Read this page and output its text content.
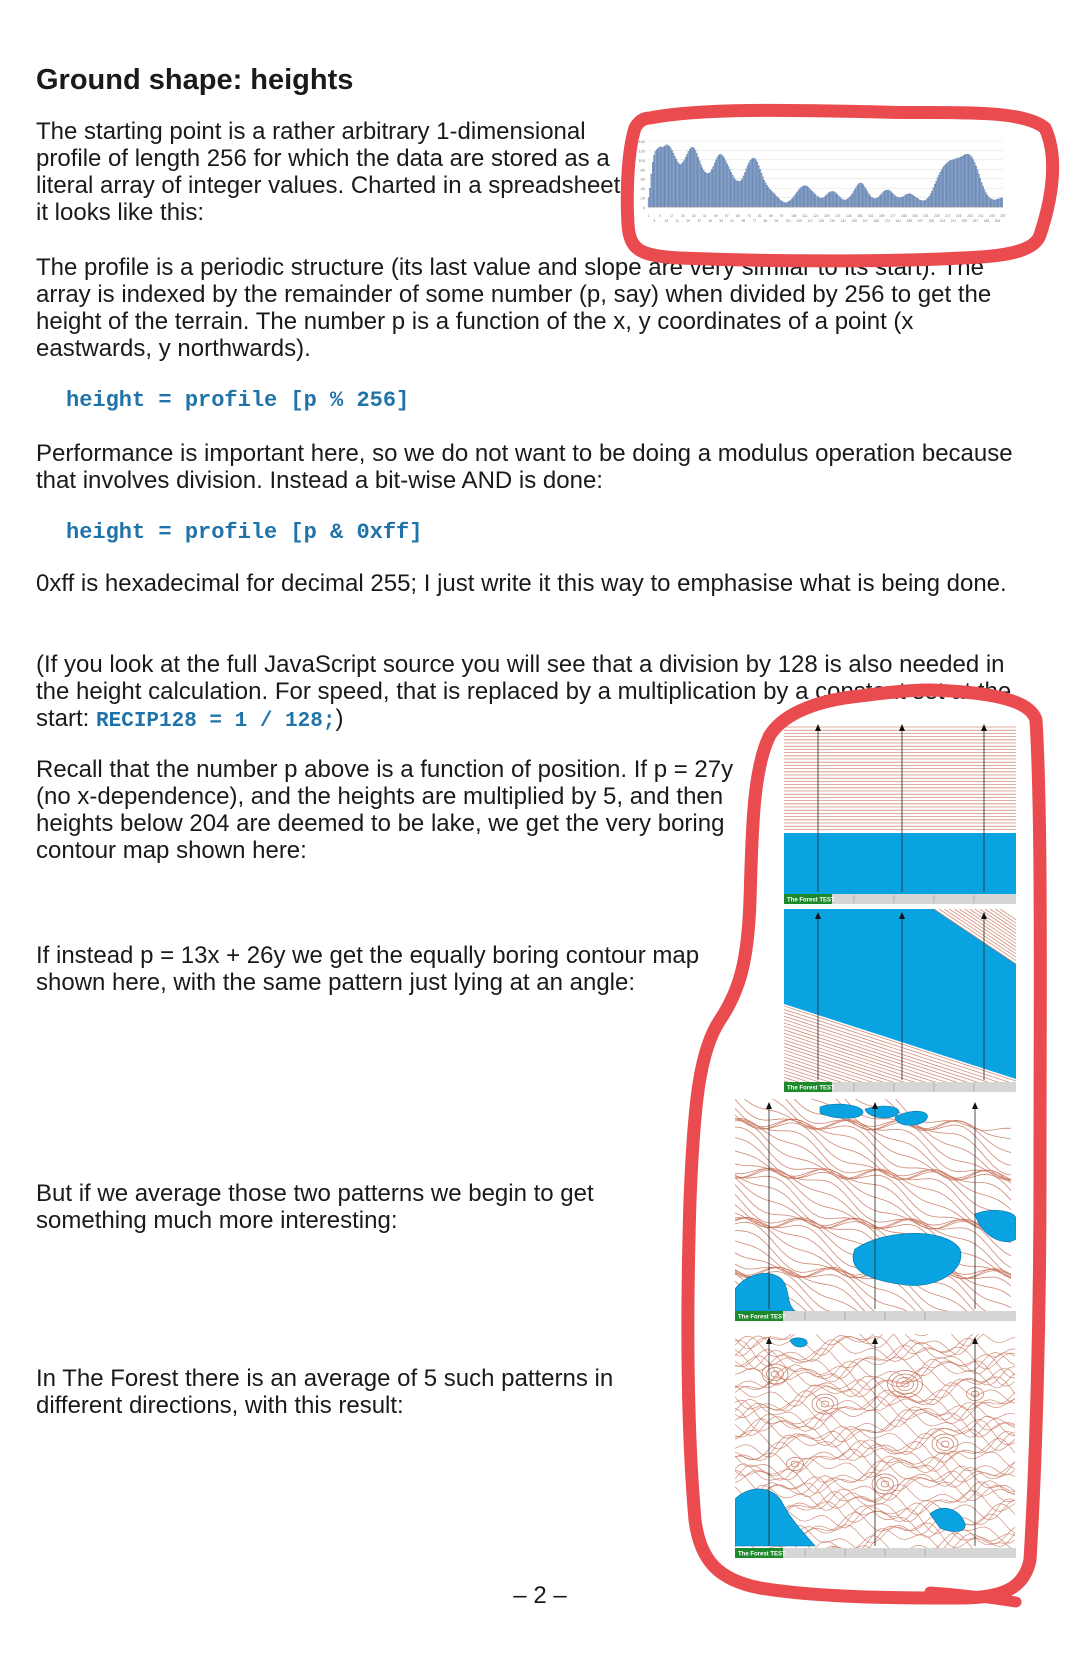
Ground shape: heights

The starting point is a rather arbitrary 1-dimensional profile of length 256 for which the data are stored as a literal array of integer values. Charted in a spreadsheet it looks like this:	0
20
40
60
80
100
120
140
1
5
9
13
17
21
25
29
33
37
41
45
49
53
57
61
65
69
73
77
81
85
89
93
97
101
105
109
113
117
121
125
129
133
137
141
145
149
153
157
161
165
169
173
177
181
185
189
193
197
201
205
209
213
217
221
225
229
233
237
241
245
249
253
257

The profile is a periodic structure (its last value and slope are very similar to its start). The array is indexed by the remainder of some number (p, say) when divided by 256 to get the height of the terrain. The number p is a function of the x, y coordinates of a point (x eastwards, y northwards).

height = profile [p % 256]

Performance is important here, so we do not want to be doing a modulus operation because that involves division. Instead a bit-wise AND is done:

height = profile [p & 0xff]

0xff is hexadecimal for decimal 255; I just write it this way to emphasise what is being done.

(If you look at the full JavaScript source you will see that a division by 128 is also needed in the height calculation. For speed, that is replaced by a multiplication by a constant set at the start: RECIP128 = 1 / 128;)

Recall that the number p above is a function of position. If p = 27y (no x-dependence), and the heights are multiplied by 5, and then heights below 204 are deemed to be lake, we get the very boring contour map shown here:

If instead p = 13x + 26y we get the equally boring contour map shown here, with the same pattern just lying at an angle:

But if we average those two patterns we begin to get something much more interesting:

In The Forest there is an average of 5 such patterns in different directions, with this result:

The Forest TEST
The Forest TEST
The Forest TEST
The Forest TEST
– 2 –
